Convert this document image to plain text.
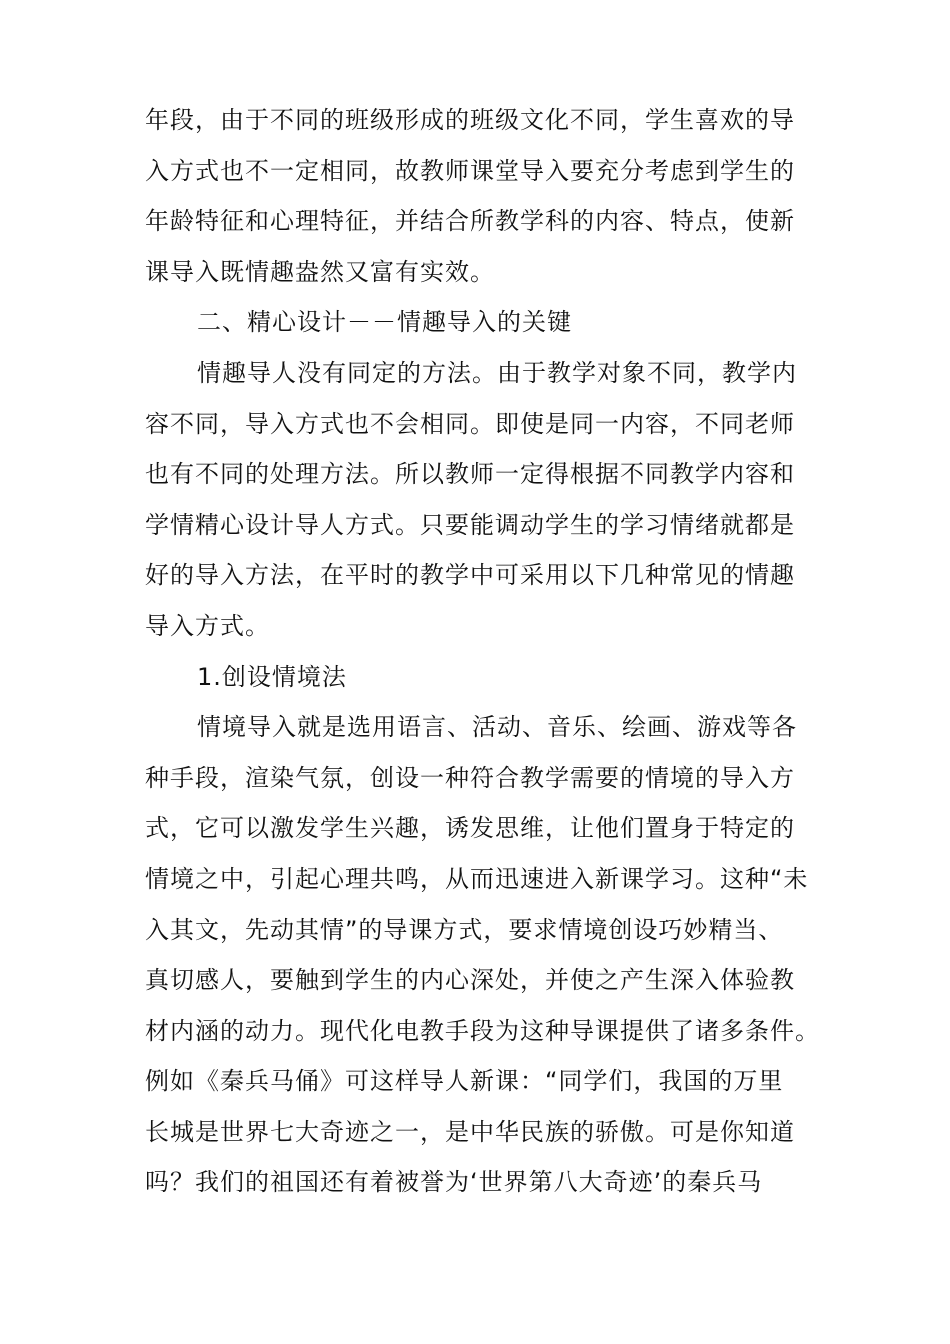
年段，由于不同的班级形成的班级文化不同，学生喜欢的导
入方式也不一定相同，故教师课堂导入要充分考虑到学生的
年龄特征和心理特征，并结合所教学科的内容、特点，使新
课导入既情趣盎然又富有实效。
二、精心设计－－情趣导入的关键
情趣导人没有同定的方法。由于教学对象不同，教学内
容不同，导入方式也不会相同。即使是同一内容，不同老师
也有不同的处理方法。所以教师一定得根据不同教学内容和
学情精心设计导人方式。只要能调动学生的学习情绪就都是
好的导入方法，在平时的教学中可采用以下几种常见的情趣
导入方式。
1.创设情境法
情境导入就是选用语言、活动、音乐、绘画、游戏等各
种手段，渲染气氛，创设一种符合教学需要的情境的导入方
式，它可以激发学生兴趣，诱发思维，让他们置身于特定的
情境之中，引起心理共鸣，从而迅速进入新课学习。这种“未
入其文，先动其情”的导课方式，要求情境创设巧妙精当、
真切感人，要触到学生的内心深处，并使之产生深入体验教
材内涵的动力。现代化电教手段为这种导课提供了诸多条件。
例如《秦兵马俑》可这样导人新课：“同学们，我国的万里
长城是世界七大奇迹之一，是中华民族的骄傲。可是你知道
吗？我们的祖国还有着被誉为‘世界第八大奇迹’的秦兵马
